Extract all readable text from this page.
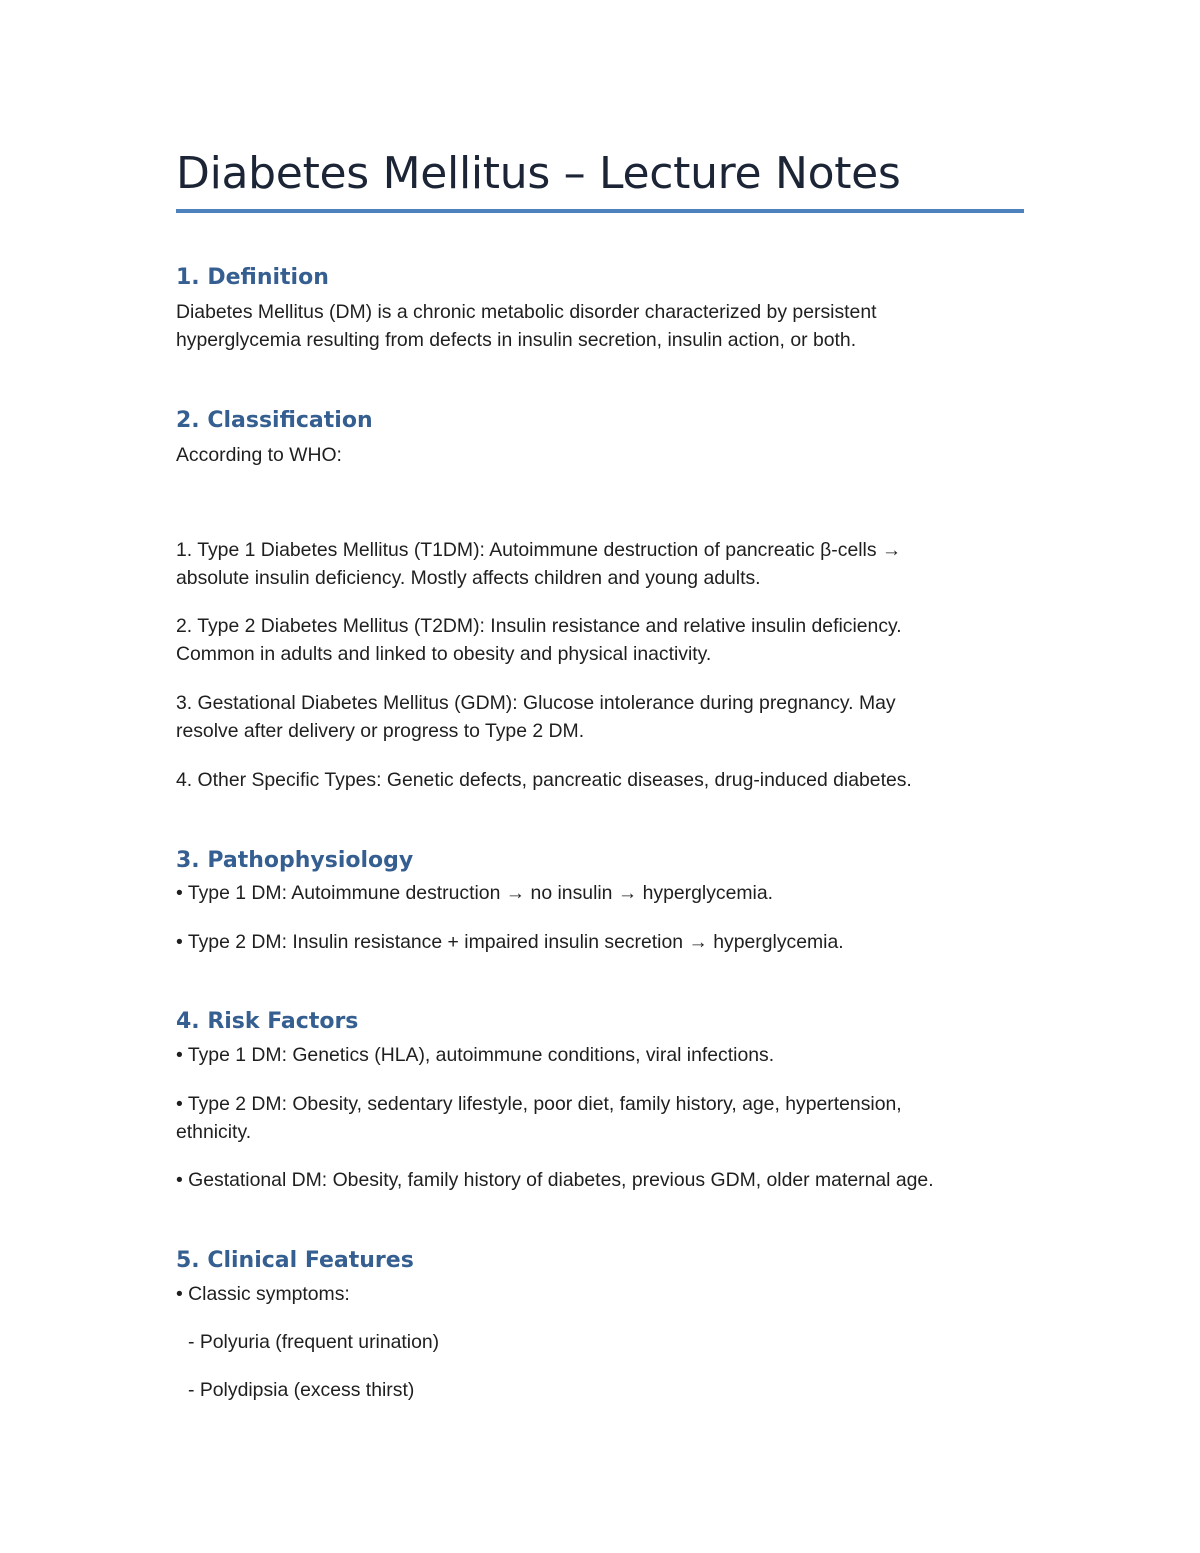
Diabetes Mellitus – Lecture Notes
1. Definition
Diabetes Mellitus (DM) is a chronic metabolic disorder characterized by persistent
hyperglycemia resulting from defects in insulin secretion, insulin action, or both.
2. Classification
According to WHO:
1. Type 1 Diabetes Mellitus (T1DM): Autoimmune destruction of pancreatic β-cells →
absolute insulin deficiency. Mostly affects children and young adults.
2. Type 2 Diabetes Mellitus (T2DM): Insulin resistance and relative insulin deficiency.
Common in adults and linked to obesity and physical inactivity.
3. Gestational Diabetes Mellitus (GDM): Glucose intolerance during pregnancy. May
resolve after delivery or progress to Type 2 DM.
4. Other Specific Types: Genetic defects, pancreatic diseases, drug-induced diabetes.
3. Pathophysiology
• Type 1 DM: Autoimmune destruction → no insulin → hyperglycemia.
• Type 2 DM: Insulin resistance + impaired insulin secretion → hyperglycemia.
4. Risk Factors
• Type 1 DM: Genetics (HLA), autoimmune conditions, viral infections.
• Type 2 DM: Obesity, sedentary lifestyle, poor diet, family history, age, hypertension,
ethnicity.
• Gestational DM: Obesity, family history of diabetes, previous GDM, older maternal age.
5. Clinical Features
• Classic symptoms:
- Polyuria (frequent urination)
- Polydipsia (excess thirst)
